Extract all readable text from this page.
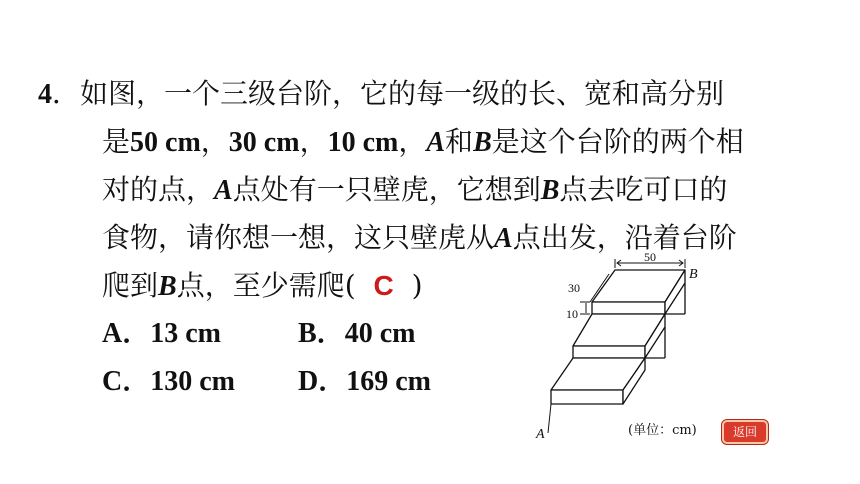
4．如图，一个三级台阶，它的每一级的长、宽和高分别
是50 cm，30 cm，10 cm，A和B是这个台阶的两个相
对的点，A点处有一只壁虎，它想到B点去吃可口的
食物，请你想一想，这只壁虎从A点出发，沿着台阶
爬到B点，至少需爬( C )
A．13 cm	B．40 cm
C．130 cm D．169 cm
50
30
10
B
A	(单位：cm)	返回
